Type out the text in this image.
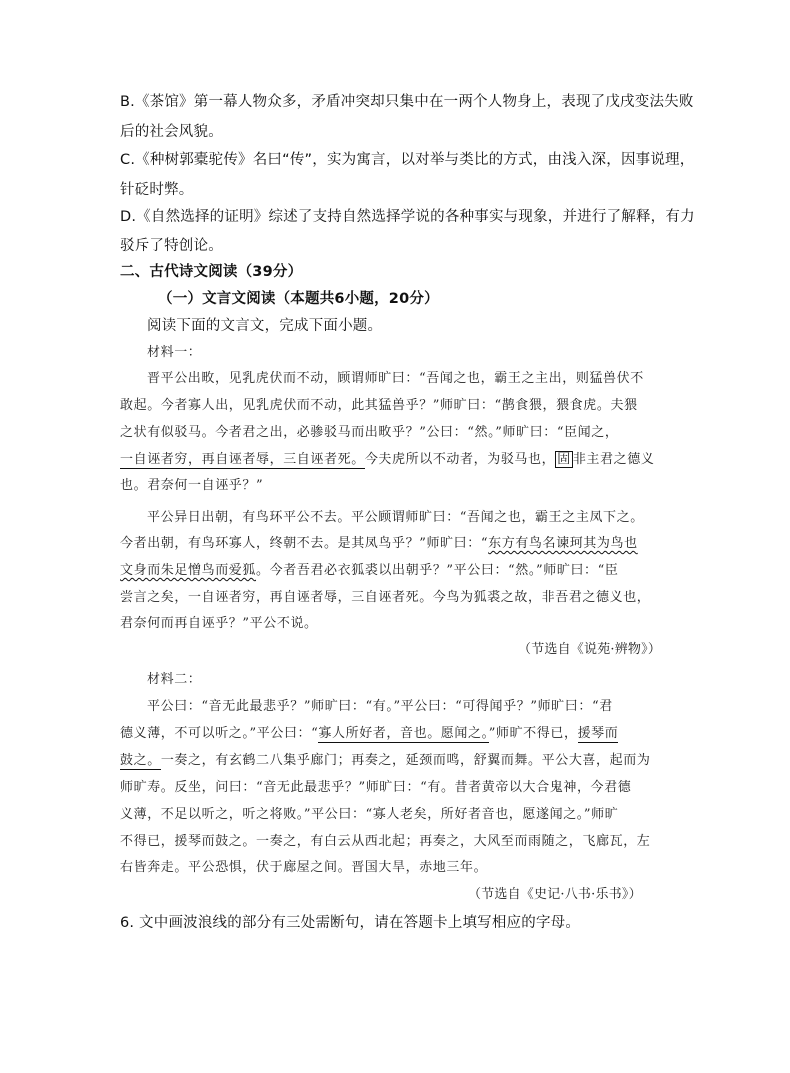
B.《茶馆》第一幕人物众多，矛盾冲突却只集中在一两个人物身上，表现了戊戌变法失败
后的社会风貌。
C.《种树郭橐驼传》名曰“传”，实为寓言，以对举与类比的方式，由浅入深，因事说理，
针砭时弊。
D.《自然选择的证明》综述了支持自然选择学说的各种事实与现象，并进行了解释，有力
驳斥了特创论。
二、古代诗文阅读（39分）
（一）文言文阅读（本题共6小题，20分）
阅读下面的文言文，完成下面小题。
材料一：
晋平公出畋，见乳虎伏而不动，顾谓师旷曰：“吾闻之也，霸王之主出，则猛兽伏不
敢起。今者寡人出，见乳虎伏而不动，此其猛兽乎？”师旷曰：“鹊食猥，猥食虎。夫猥
之状有似驳马。今者君之出，必骖驳马而出畋乎？”公曰：“然。”师旷曰：“臣闻之，
一自诬者穷，再自诬者辱，三自诬者死。今夫虎所以不动者，为驳马也， 固 非主君之德义
也。君奈何一自诬乎？”
平公异日出朝，有鸟环平公不去。平公顾谓师旷曰：“吾闻之也，霸王之主凤下之。
今者出朝，有鸟环寡人，终朝不去。是其凤鸟乎？”师旷曰：“东方有鸟名谏珂其为鸟也
文身而朱足憎鸟而爱狐。今者吾君必衣狐裘以出朝乎？”平公曰：“然。”师旷曰：“臣
尝言之矣，一自诬者穷，再自诬者辱，三自诬者死。今鸟为狐裘之故，非吾君之德义也，
君奈何而再自诬乎？”平公不说。
（节选自《说苑·辨物》）
材料二：
平公曰：“音无此最悲乎？”师旷曰：“有。”平公曰：“可得闻乎？”师旷曰：“君
德义薄，不可以听之。”平公曰：“寡人所好者，音也。愿闻之。”师旷不得已，援琴而
鼓之。一奏之，有玄鹤二八集乎廊门；再奏之，延颈而鸣，舒翼而舞。平公大喜，起而为
师旷寿。反坐，问曰：“音无此最悲乎？”师旷曰：“有。昔者黄帝以大合鬼神，今君德
义薄，不足以听之，听之将败。”平公曰：“寡人老矣，所好者音也，愿遂闻之。”师旷
不得已，援琴而鼓之。一奏之，有白云从西北起；再奏之，大风至而雨随之，飞廊瓦，左
右皆奔走。平公恐惧，伏于廊屋之间。晋国大旱，赤地三年。
（节选自《史记·八书·乐书》）
6. 文中画波浪线的部分有三处需断句，请在答题卡上填写相应的字母。
